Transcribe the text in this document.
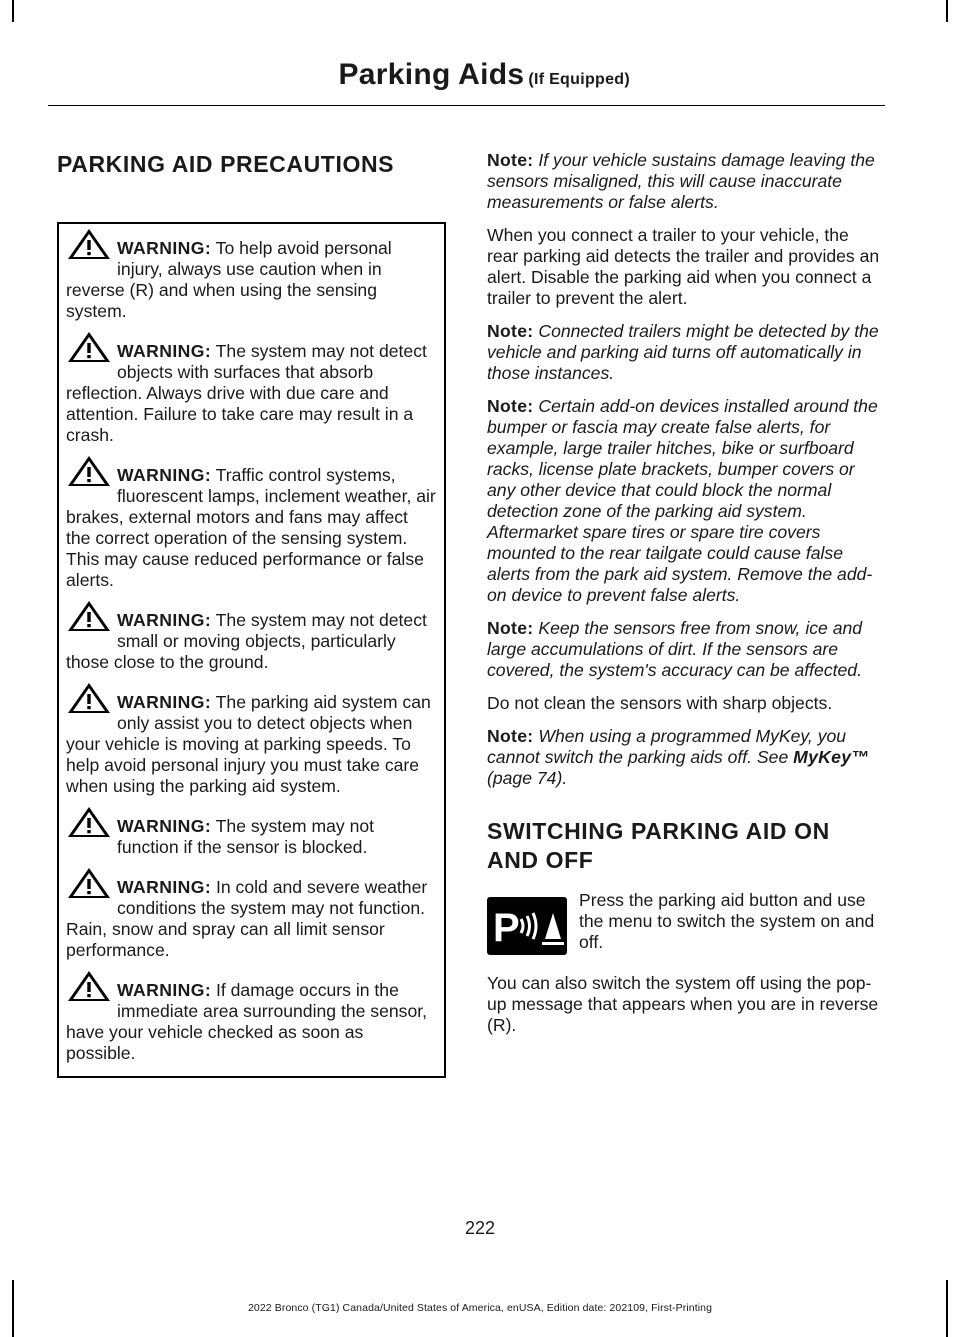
Parking Aids (If Equipped)
PARKING AID PRECAUTIONS
WARNING: To help avoid personal injury, always use caution when in reverse (R) and when using the sensing system.
WARNING: The system may not detect objects with surfaces that absorb reflection. Always drive with due care and attention. Failure to take care may result in a crash.
WARNING: Traffic control systems, fluorescent lamps, inclement weather, air brakes, external motors and fans may affect the correct operation of the sensing system. This may cause reduced performance or false alerts.
WARNING: The system may not detect small or moving objects, particularly those close to the ground.
WARNING: The parking aid system can only assist you to detect objects when your vehicle is moving at parking speeds. To help avoid personal injury you must take care when using the parking aid system.
WARNING: The system may not function if the sensor is blocked.
WARNING: In cold and severe weather conditions the system may not function. Rain, snow and spray can all limit sensor performance.
WARNING: If damage occurs in the immediate area surrounding the sensor, have your vehicle checked as soon as possible.

Note: If your vehicle sustains damage leaving the sensors misaligned, this will cause inaccurate measurements or false alerts.

When you connect a trailer to your vehicle, the rear parking aid detects the trailer and provides an alert. Disable the parking aid when you connect a trailer to prevent the alert.

Note: Connected trailers might be detected by the vehicle and parking aid turns off automatically in those instances.

Note: Certain add-on devices installed around the bumper or fascia may create false alerts, for example, large trailer hitches, bike or surfboard racks, license plate brackets, bumper covers or any other device that could block the normal detection zone of the parking aid system. Aftermarket spare tires or spare tire covers mounted to the rear tailgate could cause false alerts from the park aid system. Remove the add-on device to prevent false alerts.

Note: Keep the sensors free from snow, ice and large accumulations of dirt. If the sensors are covered, the system's accuracy can be affected.

Do not clean the sensors with sharp objects.

Note: When using a programmed MyKey, you cannot switch the parking aids off. See MyKey™ (page 74).

SWITCHING PARKING AID ON
AND OFF
P
Press the parking aid button and use the menu to switch the system on and off.

You can also switch the system off using the pop-up message that appears when you are in reverse (R).

222
2022 Bronco (TG1) Canada/United States of America, enUSA, Edition date: 202109, First-Printing
